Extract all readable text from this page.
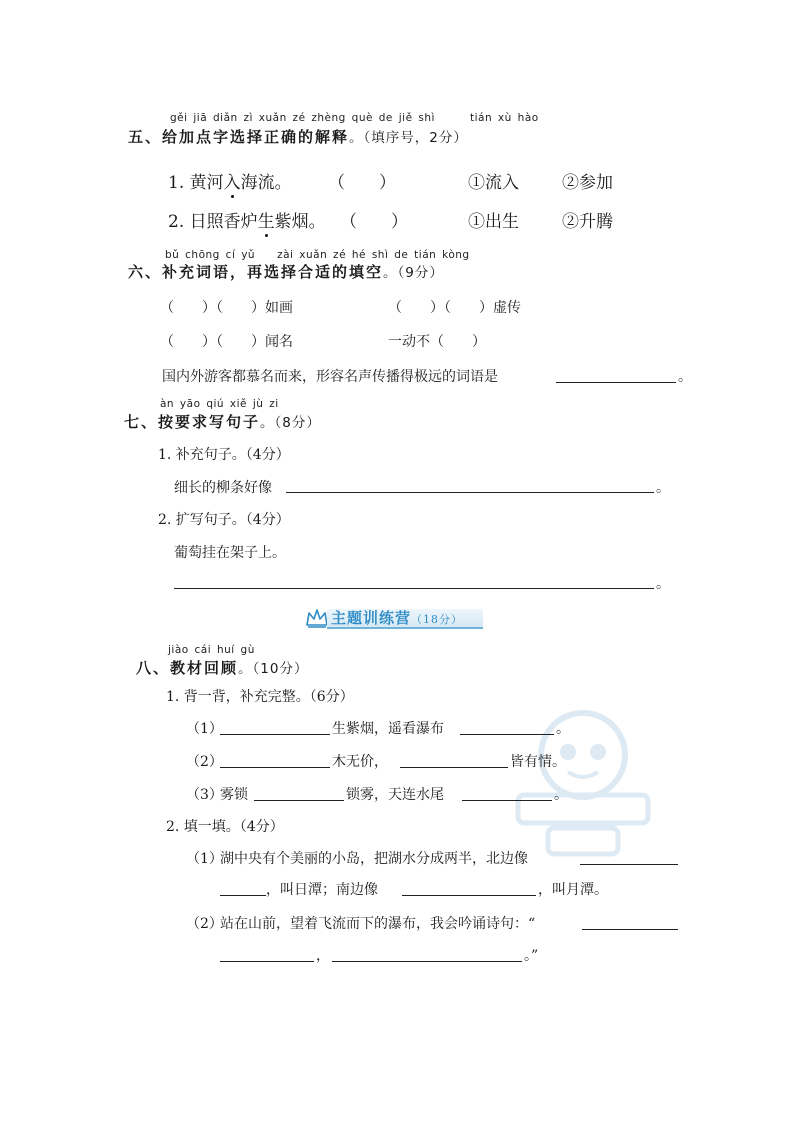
gěi jiā diǎn zì xuǎn zé zhèng què de jiě shì	tián xù hào
五、给加点字选择正确的解释。（填序号，2分）
1. 黄河入海流。 （　　）	①流入	②参加
2. 日照香炉生紫烟。 （　　）	①出生	②升腾
bǔ chōng cí yǔ　　zài xuǎn zé hé shì de tián kòng
六、补充词语，再选择合适的填空。（9分）
（　　）（　　）如画	（　　）（　　）虚传
（　　）（　　）闻名	一动不（　　）
国内外游客都慕名而来，形容名声传播得极远的词语是	。
àn yāo qiú xiě jù zi
七、按要求写句子。（8分）
1. 补充句子。（4分）
细长的柳条好像	。
2. 扩写句子。（4分）
葡萄挂在架子上。
。
主题训练营（18分）
jiào cái huí gù
八、教材回顾。（10分）
1. 背一背，补充完整。（6分）
（1）	生紫烟，遥看瀑布	。
（2）	木无价，	皆有情。
（3）
雾锁	锁雾，天连水尾	。
2. 填一填。（4分）
（1）
湖中央有个美丽的小岛，把湖水分成两半，北边像
，叫日潭；南边像	，叫月潭。
（2）
站在山前，望着飞流而下的瀑布，我会吟诵诗句：“
，	。”
